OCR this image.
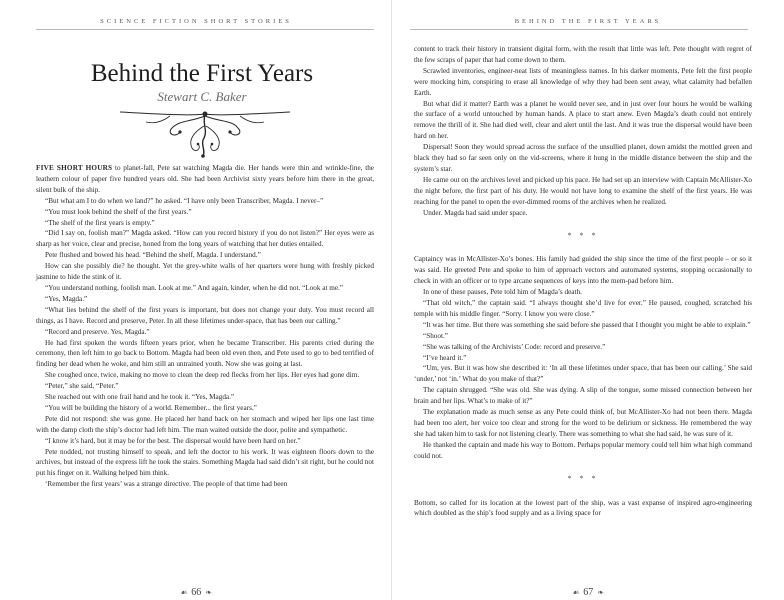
SCIENCE FICTION SHORT STORIES
Behind the First Years
Stewart C. Baker

FIVE SHORT HOURS to planet-fall, Pete sat watching Magda die. Her hands were thin and wrinkle-fine, the leathern colour of paper five hundred years old. She had been Archivist sixty years before him there in the great, silent bulk of the ship.

“But what am I to do when we land?” he asked. “I have only been Transcriber, Magda. I never–”

“You must look behind the shelf of the first years.”

“The shelf of the first years is empty.”

“Did I say on, foolish man?” Magda asked. “How can you record history if you do not listen?” Her eyes were as sharp as her voice, clear and precise, honed from the long years of watching that her duties entailed.

Pete flushed and bowed his head. “Behind the shelf, Magda. I understand.”

How can she possibly die? he thought. Yet the grey-white walls of her quarters were hung with freshly picked jasmine to hide the stink of it.

“You understand nothing, foolish man. Look at me.” And again, kinder, when he did not. “Look at me.”

“Yes, Magda.”

“What lies behind the shelf of the first years is important, but does not change your duty. You must record all things, as I have. Record and preserve, Peter. In all these lifetimes under-space, that has been our calling.”

“Record and preserve. Yes, Magda.”

He had first spoken the words fifteen years prior, when he became Transcriber. His parents cried during the ceremony, then left him to go back to Bottom. Magda had been old even then, and Pete used to go to bed terrified of finding her dead when he woke, and him still an untrained youth. Now she was going at last.

She coughed once, twice, making no move to clean the deep red flecks from her lips. Her eyes had gone dim.

“Peter,” she said, “Peter.”

She reached out with one frail hand and he took it. “Yes, Magda.”

“You will be building the history of a world. Remember... the first years.”

Pete did not respond: she was gone. He placed her hand back on her stomach and wiped her lips one last time with the damp cloth the ship’s doctor had left him. The man waited outside the door, polite and sympathetic.

“I know it’s hard, but it may be for the best. The dispersal would have been hard on her.”

Pete nodded, not trusting himself to speak, and left the doctor to his work. It was eighteen floors down to the archives, but instead of the express lift he took the stairs. Something Magda had said didn’t sit right, but he could not put his finger on it. Walking helped him think.

‘Remember the first years’ was a strange directive. The people of that time had been

☙ 66 ❧
BEHIND THE FIRST YEARS

content to track their history in transient digital form, with the result that little was left. Pete thought with regret of the few scraps of paper that had come down to them.

Scrawled inventories, engineer-neat lists of meaningless names. In his darker moments, Pete felt the first people were mocking him, conspiring to erase all knowledge of why they had been sent away, what calamity had befallen Earth.

But what did it matter? Earth was a planet he would never see, and in just over four hours he would be walking the surface of a world untouched by human hands. A place to start anew. Even Magda’s death could not entirely remove the thrill of it. She had died well, clear and alert until the last. And it was true the dispersal would have been hard on her.

Dispersal! Soon they would spread across the surface of the unsullied planet, down amidst the mottled green and black they had so far seen only on the vid-screens, where it hung in the middle distance between the ship and the system’s star.

He came out on the archives level and picked up his pace. He had set up an interview with Captain McAllister-Xo the night before, the first part of his duty. He would not have long to examine the shelf of the first years. He was reaching for the panel to open the ever-dimmed rooms of the archives when he realized.

Under. Magda had said under space.

* * *

Captaincy was in McAllister-Xo’s bones. His family had guided the ship since the time of the first people – or so it was said. He greeted Pete and spoke to him of approach vectors and automated systems, stopping occasionally to check in with an officer or to type arcane sequences of keys into the mem-pad before him.

In one of these pauses, Pete told him of Magda’s death.

“That old witch,” the captain said. “I always thought she’d live for ever.” He paused, coughed, scratched his temple with his middle finger. “Sorry. I know you were close.”

“It was her time. But there was something she said before she passed that I thought you might be able to explain.”

“Shoot.”

“She was talking of the Archivists’ Code: record and preserve.”

“I’ve heard it.”

“Um, yes. But it was how she described it: ‘In all these lifetimes under space, that has been our calling.’ She said ‘under,’ not ‘in.’ What do you make of that?”

The captain shrugged. “She was old. She was dying. A slip of the tongue, some missed connection between her brain and her lips. What’s to make of it?”

The explanation made as much sense as any Pete could think of, but McAllister-Xo had not been there. Magda had been too alert, her voice too clear and strong for the word to be delirium or sickness. He remembered the way she had taken him to task for not listening clearly. There was something to what she had said, he was sure of it.

He thanked the captain and made his way to Bottom. Perhaps popular memory could tell him what high command could not.

* * *

Bottom, so called for its location at the lowest part of the ship, was a vast expanse of inspired agro-engineering which doubled as the ship’s food supply and as a living space for

☙ 67 ❧
